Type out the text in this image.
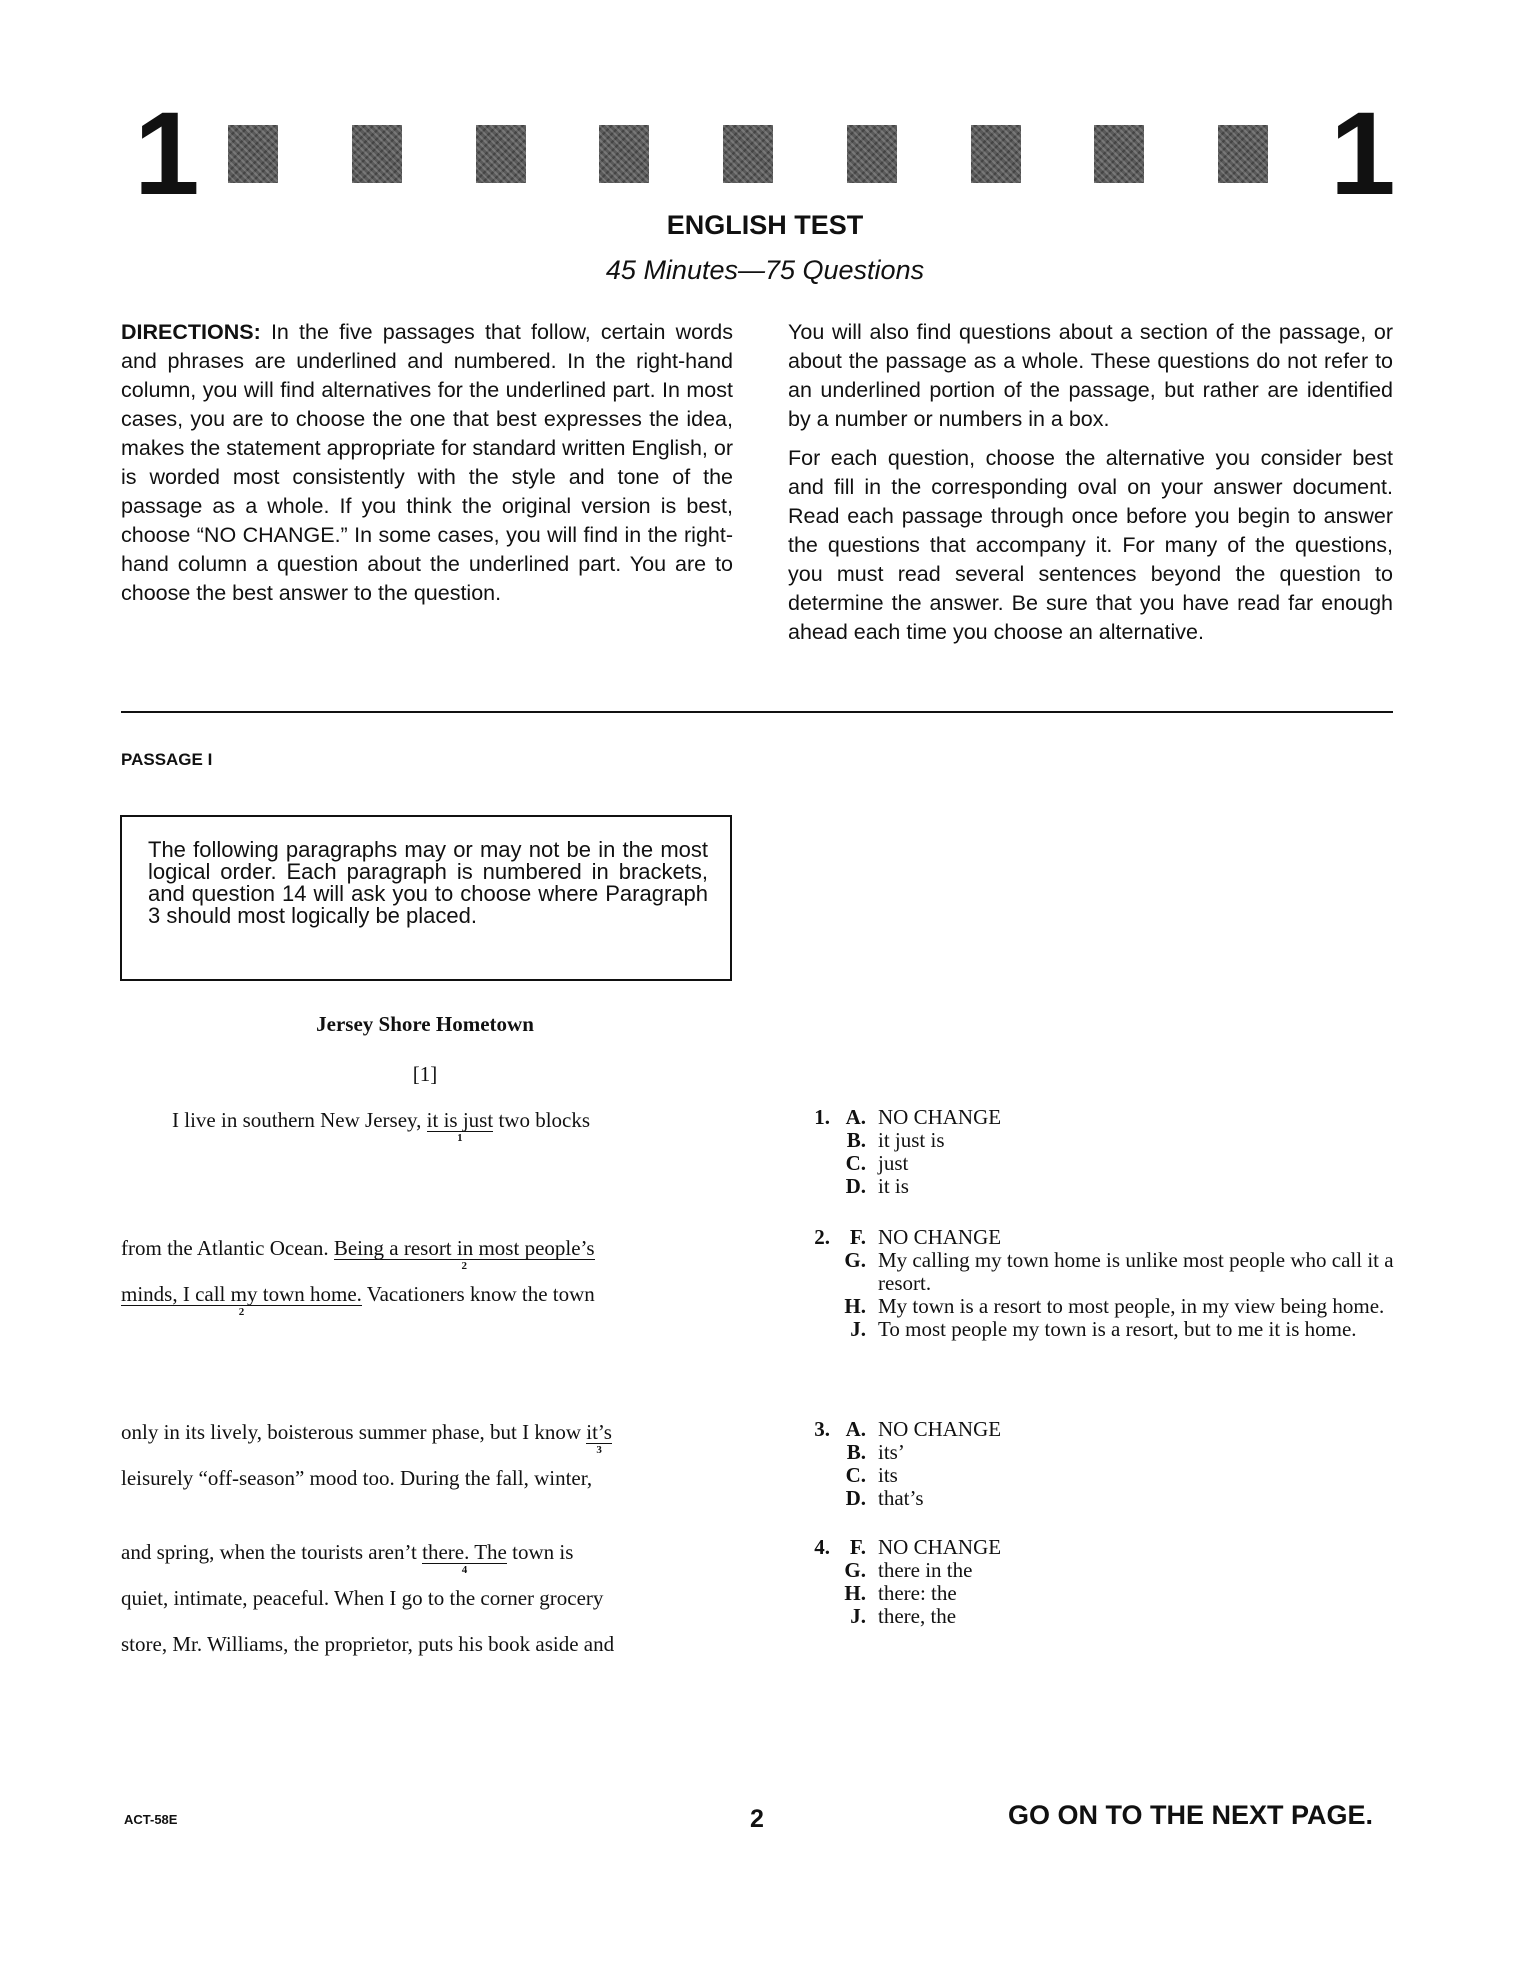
1	1
ENGLISH TEST
45 Minutes—75 Questions

DIRECTIONS: In the five passages that follow, certain words and phrases are underlined and numbered. In the right-hand column, you will find alternatives for the underlined part. In most cases, you are to choose the one that best expresses the idea, makes the statement appropriate for standard written English, or is worded most consistently with the style and tone of the passage as a whole. If you think the original version is best, choose “NO CHANGE.” In some cases, you will find in the right-hand column a question about the underlined part. You are to choose the best answer to the question.

You will also find questions about a section of the passage, or about the passage as a whole. These questions do not refer to an underlined portion of the passage, but rather are identified by a number or numbers in a box.

For each question, choose the alternative you consider best and fill in the corresponding oval on your answer document. Read each passage through once before you begin to answer the questions that accompany it. For many of the questions, you must read several sentences beyond the question to determine the answer. Be sure that you have read far enough ahead each time you choose an alternative.

PASSAGE I
The following paragraphs may or may not be in the most logical order. Each paragraph is numbered in brackets, and question 14 will ask you to choose where Paragraph 3 should most logically be placed.
Jersey Shore Hometown
[1]
I live in southern New Jersey, it is just
1
two blocks
from the Atlantic Ocean. Being a resort in most people’s
2
minds, I call my town home.
2
Vacationers know the town
only in its lively, boisterous summer phase, but I know it’s
3
leisurely “off-season” mood too. During the fall, winter,
and spring, when the tourists aren’t there. The
4
town is
quiet, intimate, peaceful. When I go to the corner grocery
store, Mr. Williams, the proprietor, puts his book aside and
1. A. NO CHANGE
B. it just is
C. just
D. it is
2. F. NO CHANGE
G. My calling my town home is unlike most people who call it a resort.
H. My town is a resort to most people, in my view being home.
J. To most people my town is a resort, but to me it is home.
3. A. NO CHANGE
B. its’
C. its
D. that’s
4. F. NO CHANGE
G. there in the
H. there: the
J. there, the
ACT-58E	2	GO ON TO THE NEXT PAGE.
